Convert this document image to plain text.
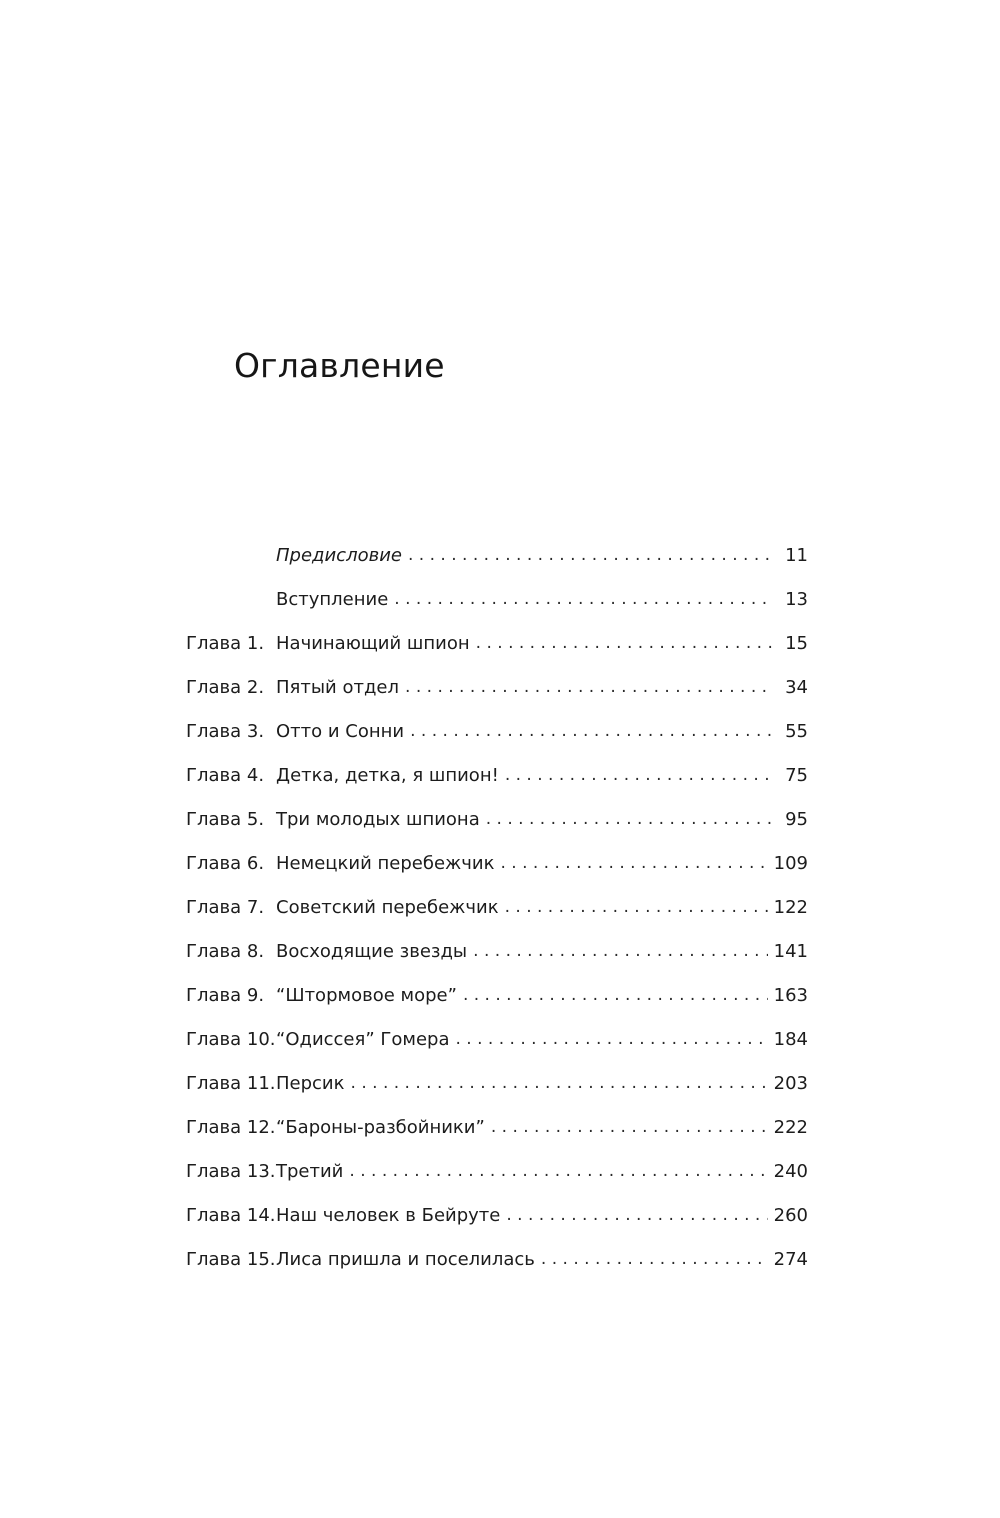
Оглавление
Предисловие . . .	11
Вступление . . .	13
Глава 1. Начинающий шпион . . .	15
Глава 2. Пятый отдел . . .	34
Глава 3. Отто и Сонни . . .	55
Глава 4. Детка, детка, я шпион! . . .	75
Глава 5. Три молодых шпиона . . .	95
Глава 6. Немецкий перебежчик . . .	109
Глава 7. Советский перебежчик . . .	122
Глава 8. Восходящие звезды . . .	141
Глава 9. “Штормовое море” . . .	163
Глава 10. “Одиссея” Гомера . . .	184
Глава 11. Персик . . .	203
Глава 12. “Бароны-разбойники” . . .	222
Глава 13. Третий . . .	240
Глава 14. Наш человек в Бейруте . . .	260
Глава 15. Лиса пришла и поселилась . . .	274
